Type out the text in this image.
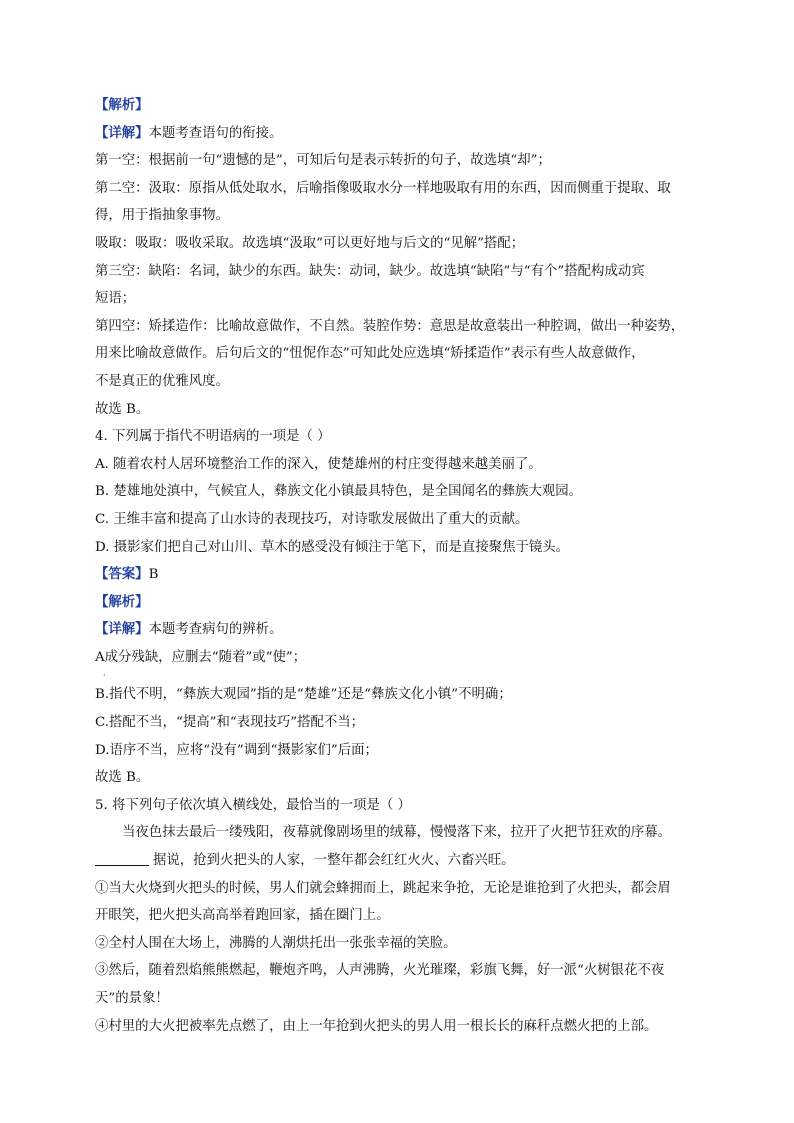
【解析】
【详解】本题考查语句的衔接。
第一空：根据前一句“遗憾的是”，可知后句是表示转折的句子，故选填“却”；
第二空：汲取：原指从低处取水，后喻指像吸取水分一样地吸取有用的东西，因而侧重于提取、取
得，用于指抽象事物。
吸取：吸取：吸收采取。故选填“汲取”可以更好地与后文的“见解”搭配；
第三空：缺陷：名词，缺少的东西。缺失：动词，缺少。故选填“缺陷”与“有个”搭配构成动宾
短语；
第四空：矫揉造作：比喻故意做作，不自然。装腔作势：意思是故意装出一种腔调，做出一种姿势，
用来比喻故意做作。后句后文的“忸怩作态”可知此处应选填“矫揉造作”表示有些人故意做作，
不是真正的优雅风度。
故选 B。
4. 下列属于指代不明语病的一项是（ ）
A. 随着农村人居环境整治工作的深入，使楚雄州的村庄变得越来越美丽了。
B. 楚雄地处滇中，气候宜人，彝族文化小镇最具特色，是全国闻名的彝族大观园。
C. 王维丰富和提高了山水诗的表现技巧，对诗歌发展做出了重大的贡献。
D. 摄影家们把自己对山川、草木的感受没有倾注于笔下，而是直接聚焦于镜头。
【答案】B
【解析】
【详解】本题考查病句的辨析。
A成分残缺，应删去“随着”或“使”；
·
B.指代不明，“彝族大观园”指的是“楚雄”还是“彝族文化小镇”不明确；
C.搭配不当，“提高”和“表现技巧”搭配不当；
D.语序不当，应将“没有”调到“摄影家们”后面；
故选 B。
5. 将下列句子依次填入横线处，最恰当的一项是（ ）
当夜色抹去最后一缕残阳，夜幕就像剧场里的绒幕，慢慢落下来，拉开了火把节狂欢的序幕。
据说，抢到火把头的人家，一整年都会红红火火、六畜兴旺。
①当大火烧到火把头的时候，男人们就会蜂拥而上，跳起来争抢，无论是谁抢到了火把头，都会眉
开眼笑，把火把头高高举着跑回家，插在圈门上。
②全村人围在大场上，沸腾的人潮烘托出一张张幸福的笑脸。
③然后，随着烈焰熊熊燃起，鞭炮齐鸣，人声沸腾，火光璀璨，彩旗飞舞，好一派“火树银花不夜
天”的景象！
④村里的大火把被率先点燃了，由上一年抢到火把头的男人用一根长长的麻秆点燃火把的上部。
